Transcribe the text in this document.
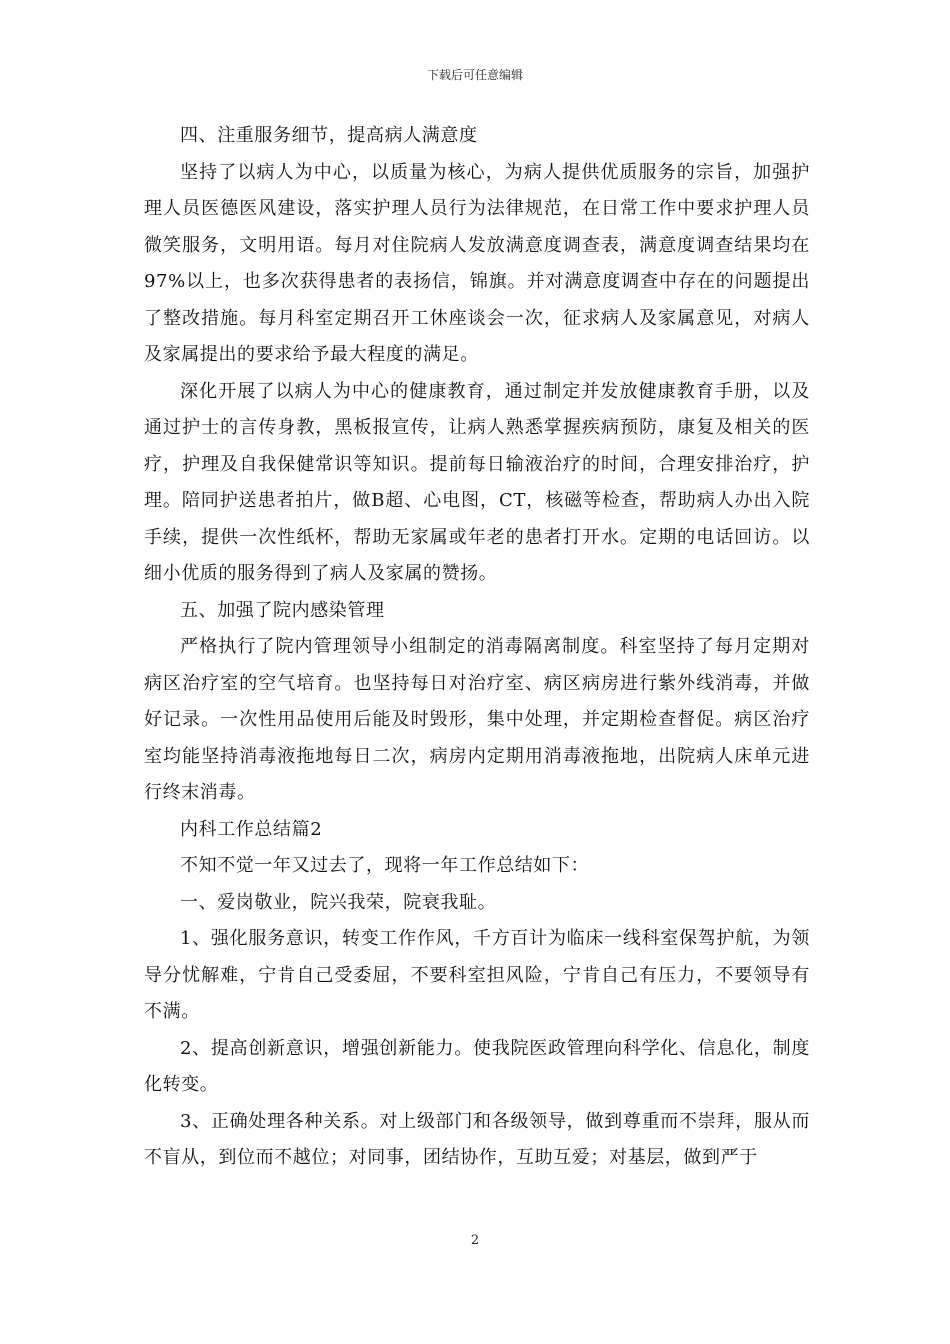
下载后可任意编辑

四、注重服务细节，提高病人满意度

坚持了以病人为中心，以质量为核心，为病人提供优质服务的宗旨，加强护理人员医德医风建设，落实护理人员行为法律规范，在日常工作中要求护理人员微笑服务，文明用语。每月对住院病人发放满意度调查表，满意度调查结果均在97%以上，也多次获得患者的表扬信，锦旗。并对满意度调查中存在的问题提出了整改措施。每月科室定期召开工休座谈会一次，征求病人及家属意见，对病人及家属提出的要求给予最大程度的满足。

深化开展了以病人为中心的健康教育，通过制定并发放健康教育手册，以及通过护士的言传身教，黑板报宣传，让病人熟悉掌握疾病预防，康复及相关的医疗，护理及自我保健常识等知识。提前每日输液治疗的时间，合理安排治疗，护理。陪同护送患者拍片，做B超、心电图，CT，核磁等检查，帮助病人办出入院手续，提供一次性纸杯，帮助无家属或年老的患者打开水。定期的电话回访。以细小优质的服务得到了病人及家属的赞扬。

五、加强了院内感染管理

严格执行了院内管理领导小组制定的消毒隔离制度。科室坚持了每月定期对病区治疗室的空气培育。也坚持每日对治疗室、病区病房进行紫外线消毒，并做好记录。一次性用品使用后能及时毁形，集中处理，并定期检查督促。病区治疗室均能坚持消毒液拖地每日二次，病房内定期用消毒液拖地，出院病人床单元进行终末消毒。

内科工作总结篇2

不知不觉一年又过去了，现将一年工作总结如下：

一、爱岗敬业，院兴我荣，院衰我耻。

1、强化服务意识，转变工作作风，千方百计为临床一线科室保驾护航，为领导分忧解难，宁肯自己受委屈，不要科室担风险，宁肯自己有压力，不要领导有不满。

2、提高创新意识，增强创新能力。使我院医政管理向科学化、信息化，制度化转变。

3、正确处理各种关系。对上级部门和各级领导，做到尊重而不崇拜，服从而不盲从，到位而不越位；对同事，团结协作，互助互爱；对基层，做到严于

2
